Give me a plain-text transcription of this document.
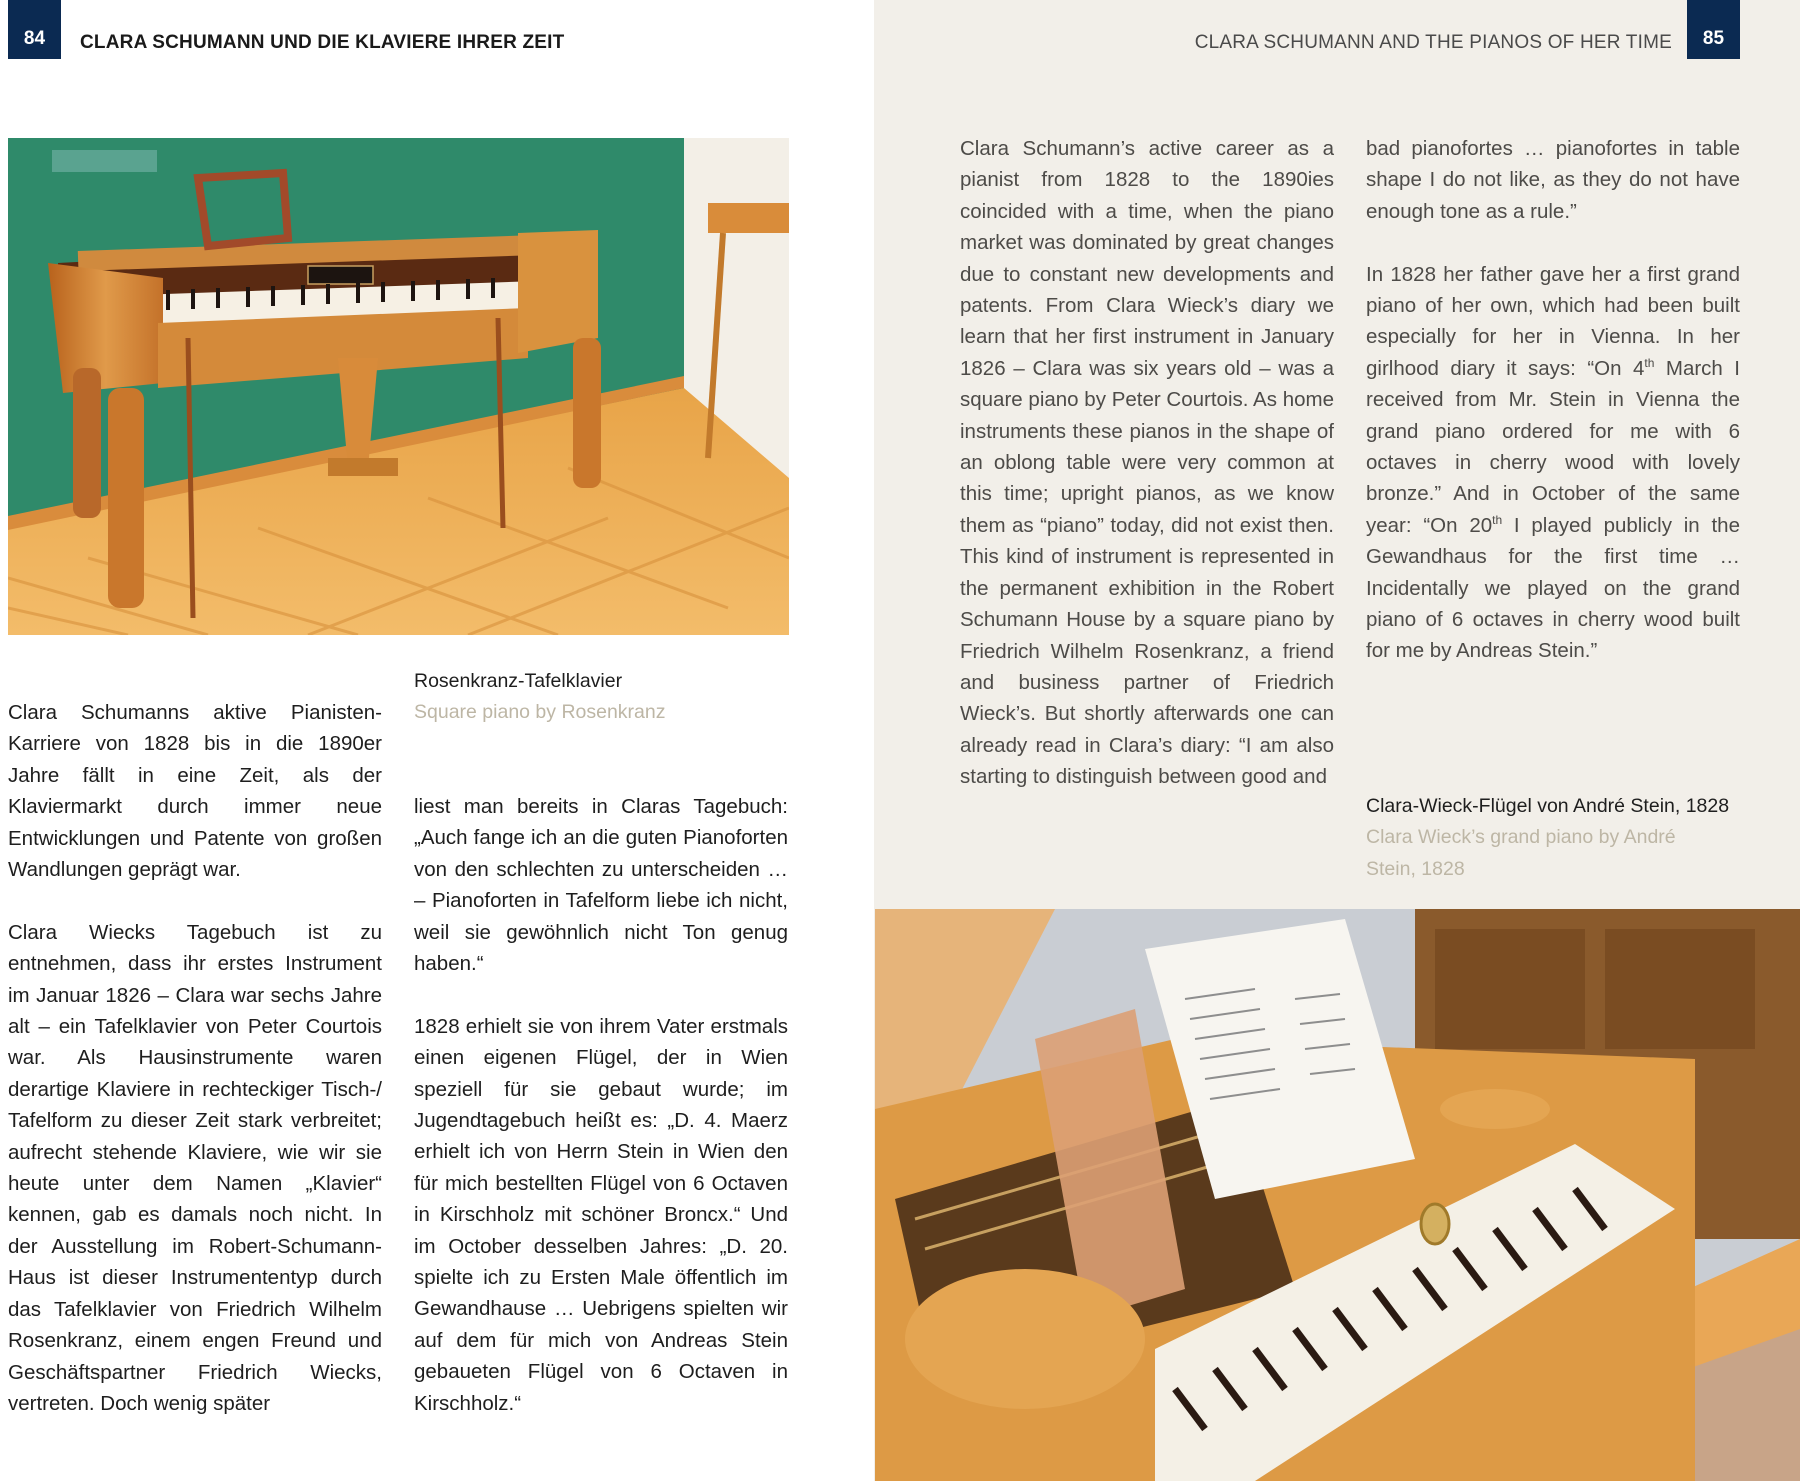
84 CLARA SCHUMANN UND DIE KLAVIERE IHRER ZEIT	CLARA SCHUMANN AND THE PIANOS OF HER TIME 85
Rosenkranz-Tafelklavier
Square piano by Rosenkranz

Clara Schumanns aktive Pianisten-Karriere von 1828 bis in die 1890er Jahre fällt in eine Zeit, als der Klaviermarkt durch immer neue Entwicklungen und Patente von großen Wandlungen geprägt war.

Clara Wiecks Tagebuch ist zu entnehmen, dass ihr erstes Instrument im Januar 1826 – Clara war sechs Jahre alt – ein Tafelklavier von Peter Courtois war. Als Hausinstrumente waren derartige Klaviere in rechteckiger Tisch-/ Tafelform zu dieser Zeit stark verbreitet; aufrecht stehende Klaviere, wie wir sie heute unter dem Namen „Klavier“ kennen, gab es damals noch nicht. In der Ausstellung im Robert-Schumann-Haus ist dieser Instrumententyp durch das Tafelklavier von Friedrich Wilhelm Rosenkranz, einem engen Freund und Geschäftspartner Friedrich Wiecks, vertreten. Doch wenig später

liest man bereits in Claras Tagebuch: „Auch fange ich an die guten Pianoforten von den schlechten zu unterscheiden … – Pianoforten in Tafelform liebe ich nicht, weil sie gewöhnlich nicht Ton genug haben.“

1828 erhielt sie von ihrem Vater erstmals einen eigenen Flügel, der in Wien speziell für sie gebaut wurde; im Jugendtagebuch heißt es: „D. 4. Maerz erhielt ich von Herrn Stein in Wien den für mich bestellten Flügel von 6 Octaven in Kirschholz mit schöner Broncx.“ Und im October desselben Jahres: „D. 20. spielte ich zu Ersten Male öffentlich im Gewandhause … Uebrigens spielten wir auf dem für mich von Andreas Stein gebaueten Flügel von 6 Octaven in Kirschholz.“

Clara Schumann’s active career as a pianist from 1828 to the 1890ies coincided with a time, when the piano market was dominated by great changes due to constant new developments and patents. From Clara Wieck’s diary we learn that her first instrument in January 1826 – Clara was six years old – was a square piano by Peter Courtois. As home instruments these pianos in the shape of an oblong table were very common at this time; upright pianos, as we know them as “piano” today, did not exist then. This kind of instrument is represented in the permanent exhibition in the Robert Schumann House by a square piano by Friedrich Wilhelm Rosenkranz, a friend and business partner of Friedrich Wieck’s. But shortly afterwards one can already read in Clara’s diary: “I am also starting to distinguish between good and

bad pianofortes … pianofortes in table shape I do not like, as they do not have enough tone as a rule.”

In 1828 her father gave her a first grand piano of her own, which had been built especially for her in Vienna. In her girlhood diary it says: “On 4th March I received from Mr. Stein in Vienna the grand piano ordered for me with 6 octaves in cherry wood with lovely bronze.” And in October of the same year: “On 20th I played publicly in the Gewandhaus for the first time … Incidentally we played on the grand piano of 6 octaves in cherry wood built for me by Andreas Stein.”

Clara-Wieck-Flügel von André Stein, 1828
Clara Wieck’s grand piano by André Stein, 1828
